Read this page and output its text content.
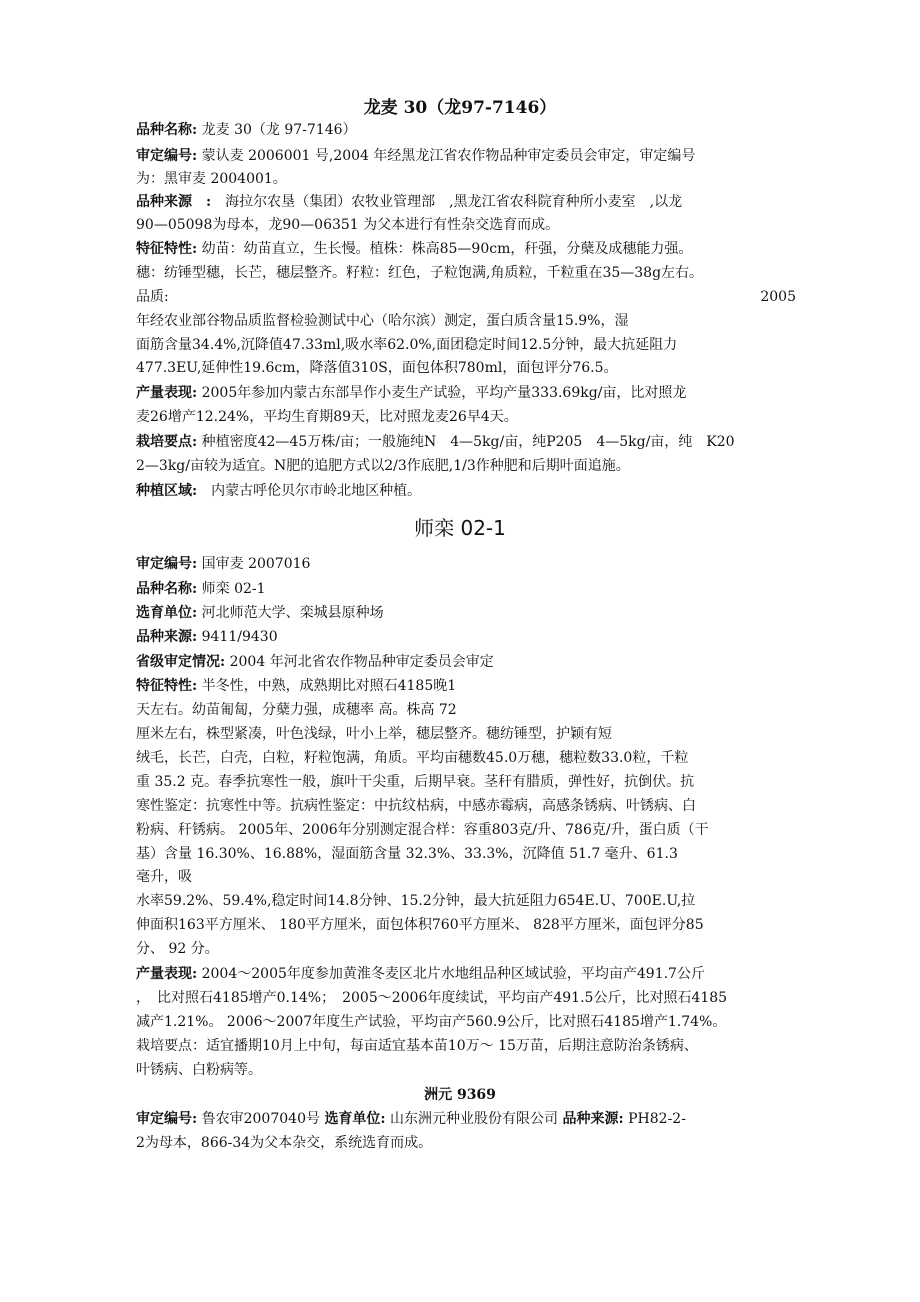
龙麦 30（龙97-7146）
品种名称: 龙麦 30（龙 97-7146）
审定编号: 蒙认麦 2006001 号,2004 年经黑龙江省农作物品种审定委员会审定，审定编号
为：黑审麦 2004001。
品种来源　:　海拉尔农垦（集团）农牧业管理部　,黑龙江省农科院育种所小麦室　,以龙
90—05098为母本，龙90—06351 为父本进行有性杂交选育而成。
特征特性: 幼苗：幼苗直立，生长慢。植株：株高85—90cm，秆强，分蘖及成穗能力强。
穗：纺锤型穗，长芒，穗层整齐。籽粒：红色，子粒饱满,角质粒，千粒重在35—38g左右。
品质:	2005
年经农业部谷物品质监督检验测试中心（哈尔滨）测定，蛋白质含量15.9%，湿
面筋含量34.4%,沉降值47.33ml,吸水率62.0%,面团稳定时间12.5分钟，最大抗延阻力
477.3EU,延伸性19.6cm，降落值310S，面包体积780ml，面包评分76.5。
产量表现: 2005年参加内蒙古东部旱作小麦生产试验，平均产量333.69kg/亩，比对照龙
麦26增产12.24%，平均生育期89天，比对照龙麦26早4天。
栽培要点: 种植密度42—45万株/亩；一般施纯N　4—5kg/亩，纯P205　4—5kg/亩，纯　K20
2—3kg/亩较为适宜。N肥的追肥方式以2/3作底肥,1/3作种肥和后期叶面追施。
种植区域:　内蒙古呼伦贝尔市岭北地区种植。
师栾 02-1
审定编号: 国审麦 2007016
品种名称: 师栾 02-1
选育单位: 河北师范大学、栾城县原种场
品种来源: 9411/9430
省级审定情况: 2004 年河北省农作物品种审定委员会审定
特征特性: 半冬性，中熟，成熟期比对照石4185晚1
天左右。幼苗匍匐，分蘖力强，成穗率 高。株高 72
厘米左右，株型紧凑，叶色浅绿，叶小上举，穗层整齐。穗纺锤型，护颖有短
绒毛，长芒，白壳，白粒，籽粒饱满，角质。平均亩穗数45.0万穗，穗粒数33.0粒，千粒
重 35.2 克。春季抗寒性一般，旗叶干尖重，后期早衰。茎秆有腊质，弹性好，抗倒伏。抗
寒性鉴定：抗寒性中等。抗病性鉴定：中抗纹枯病，中感赤霉病，高感条锈病、叶锈病、白
粉病、秆锈病。 2005年、2006年分别测定混合样：容重803克/升、786克/升，蛋白质（干
基）含量 16.30%、16.88%，湿面筋含量 32.3%、33.3%，沉降值 51.7 毫升、61.3
毫升，吸
水率59.2%、59.4%,稳定时间14.8分钟、15.2分钟，最大抗延阻力654E.U、700E.U,拉
伸面积163平方厘米、 180平方厘米，面包体积760平方厘米、 828平方厘米，面包评分85
分、 92 分。
产量表现: 2004～2005年度参加黄淮冬麦区北片水地组品种区域试验，平均亩产491.7公斤
，　比对照石4185增产0.14%；　2005～2006年度续试，平均亩产491.5公斤，比对照石4185
减产1.21%。 2006～2007年度生产试验，平均亩产560.9公斤，比对照石4185增产1.74%。
栽培要点：适宜播期10月上中旬，每亩适宜基本苗10万～ 15万苗，后期注意防治条锈病、
叶锈病、白粉病等。
洲元 9369
审定编号: 鲁农审2007040号 选育单位: 山东洲元种业股份有限公司 品种来源: PH82-2-
2为母本，866-34为父本杂交，系统选育而成。
